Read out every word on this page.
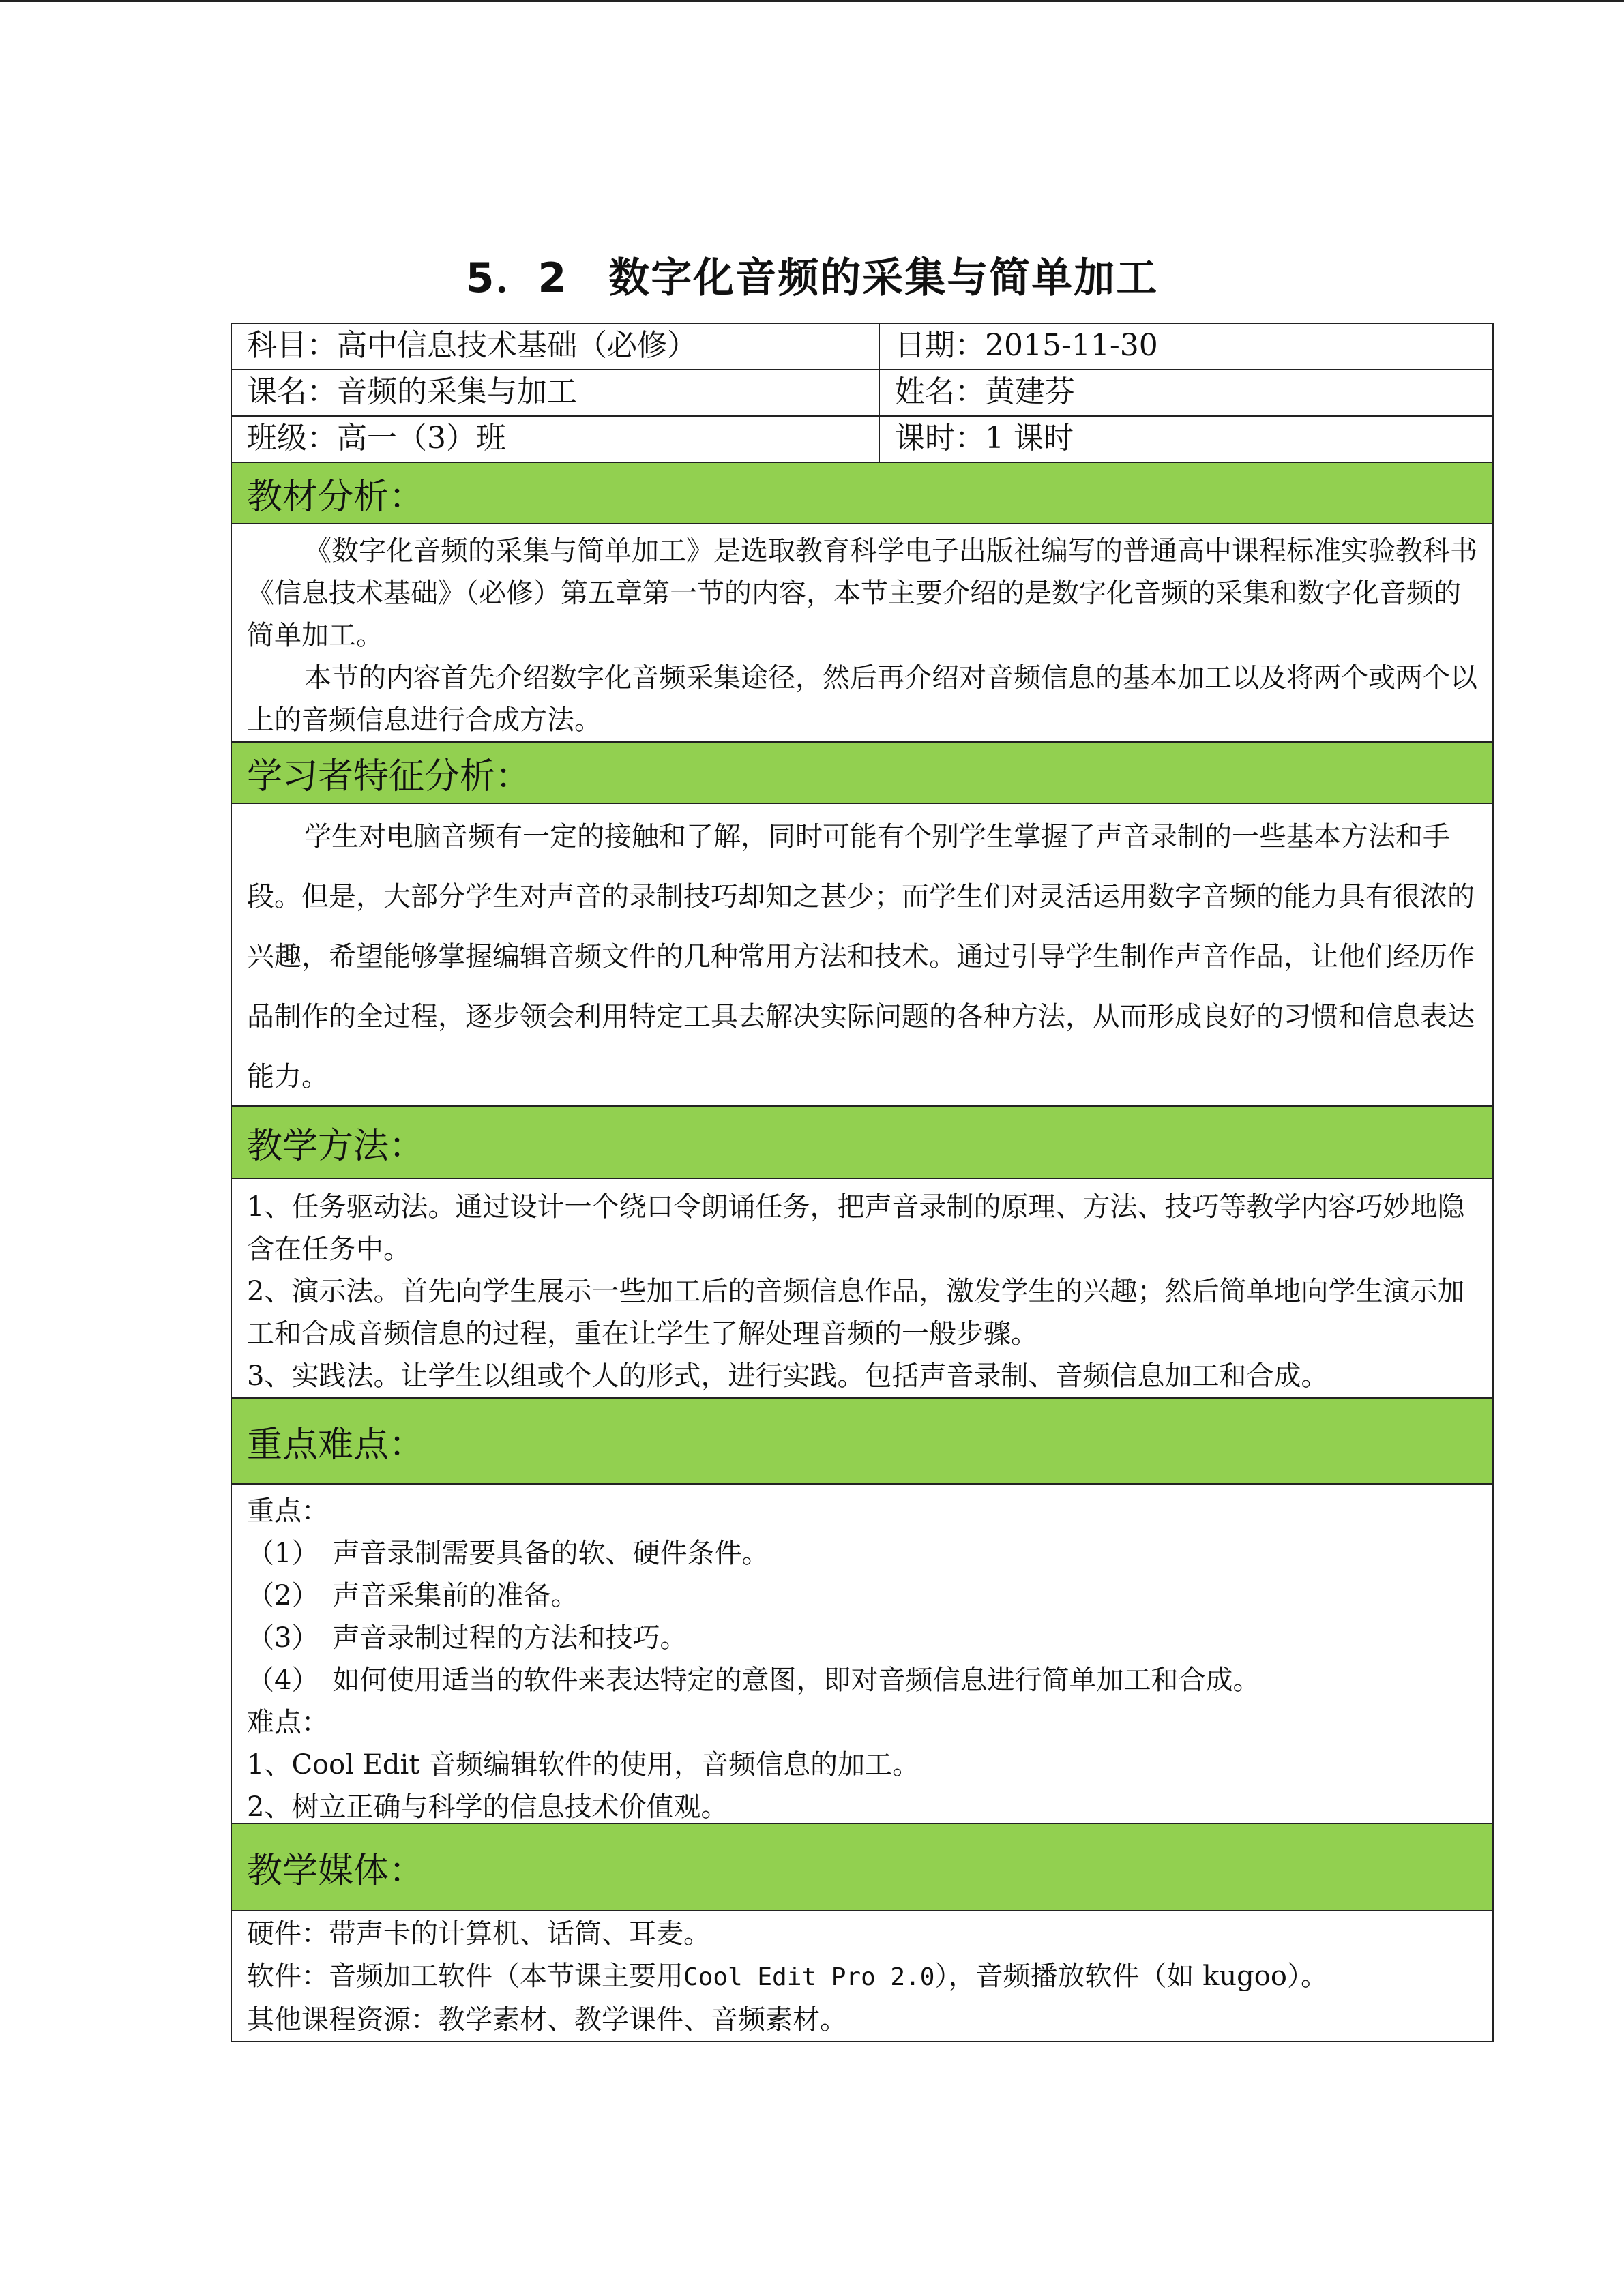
5．2 数字化音频的采集与简单加工
科目：高中信息技术基础（必修）	日期：2015-11-30
课名：音频的采集与加工	姓名：黄建芬
班级：高一（3）班	课时：1 课时
教材分析：

《数字化音频的采集与简单加工》是选取教育科学电子出版社编写的普通高中课程标准实验教科书《信息技术基础》（必修）第五章第一节的内容，本节主要介绍的是数字化音频的采集和数字化音频的简单加工。

本节的内容首先介绍数字化音频采集途径，然后再介绍对音频信息的基本加工以及将两个或两个以上的音频信息进行合成方法。

学习者特征分析：

学生对电脑音频有一定的接触和了解，同时可能有个别学生掌握了声音录制的一些基本方法和手段。但是，大部分学生对声音的录制技巧却知之甚少；而学生们对灵活运用数字音频的能力具有很浓的兴趣，希望能够掌握编辑音频文件的几种常用方法和技术。通过引导学生制作声音作品，让他们经历作品制作的全过程，逐步领会利用特定工具去解决实际问题的各种方法，从而形成良好的习惯和信息表达能力。

教学方法：

1、任务驱动法。通过设计一个绕口令朗诵任务，把声音录制的原理、方法、技巧等教学内容巧妙地隐含在任务中。

2、演示法。首先向学生展示一些加工后的音频信息作品，激发学生的兴趣；然后简单地向学生演示加工和合成音频信息的过程，重在让学生了解处理音频的一般步骤。

3、实践法。让学生以组或个人的形式，进行实践。包括声音录制、音频信息加工和合成。

重点难点：

重点：

（1）　声音录制需要具备的软、硬件条件。

（2）　声音采集前的准备。

（3）　声音录制过程的方法和技巧。

（4）　如何使用适当的软件来表达特定的意图，即对音频信息进行简单加工和合成。

难点：

1、Cool Edit 音频编辑软件的使用，音频信息的加工。

2、树立正确与科学的信息技术价值观。

教学媒体：

硬件：带声卡的计算机、话筒、耳麦。

软件：音频加工软件（本节课主要用Cool Edit Pro 2.0），音频播放软件（如 kugoo）。

其他课程资源：教学素材、教学课件、音频素材。
